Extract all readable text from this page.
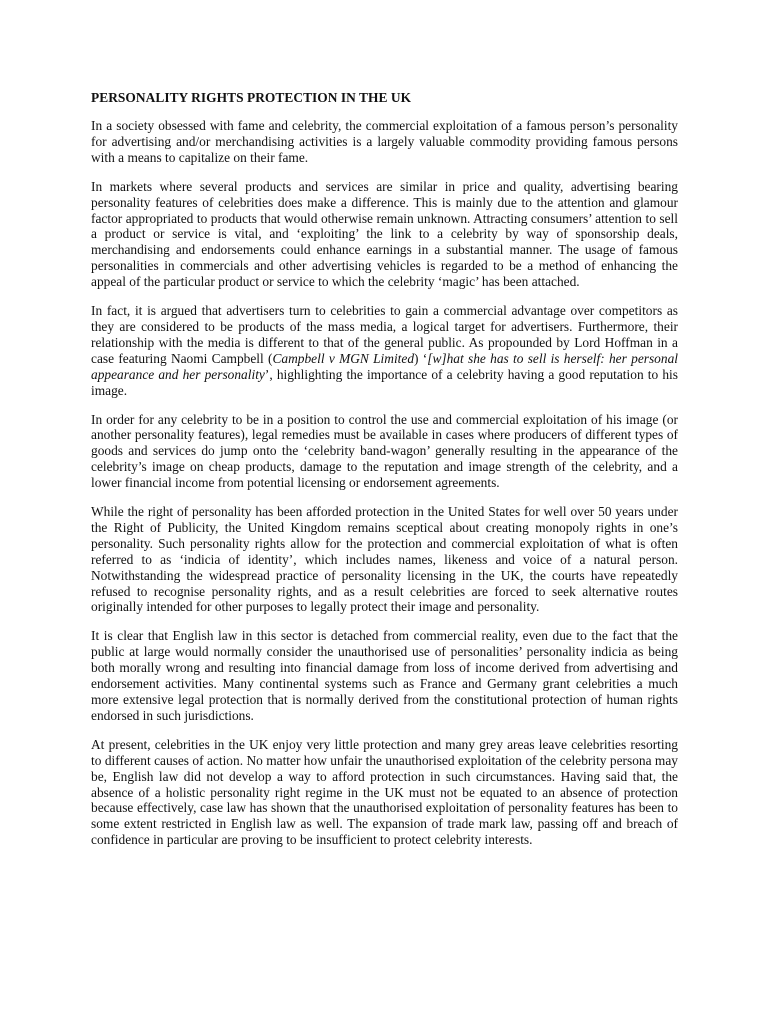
PERSONALITY RIGHTS PROTECTION IN THE UK

In a society obsessed with fame and celebrity, the commercial exploitation of a famous person’s personality for advertising and/or merchandising activities is a largely valuable commodity providing famous persons with a means to capitalize on their fame.

In markets where several products and services are similar in price and quality, advertising bearing personality features of celebrities does make a difference. This is mainly due to the attention and glamour factor appropriated to products that would otherwise remain unknown. Attracting consumers’ attention to sell a product or service is vital, and ‘exploiting’ the link to a celebrity by way of sponsorship deals, merchandising and endorsements could enhance earnings in a substantial manner. The usage of famous personalities in commercials and other advertising vehicles is regarded to be a method of enhancing the appeal of the particular product or service to which the celebrity ‘magic’ has been attached.

In fact, it is argued that advertisers turn to celebrities to gain a commercial advantage over competitors as they are considered to be products of the mass media, a logical target for advertisers. Furthermore, their relationship with the media is different to that of the general public. As propounded by Lord Hoffman in a case featuring Naomi Campbell (Campbell v MGN Limited) ‘[w]hat she has to sell is herself: her personal appearance and her personality’, highlighting the importance of a celebrity having a good reputation to his image.

In order for any celebrity to be in a position to control the use and commercial exploitation of his image (or another personality features), legal remedies must be available in cases where producers of different types of goods and services do jump onto the ‘celebrity band-wagon’ generally resulting in the appearance of the celebrity’s image on cheap products, damage to the reputation and image strength of the celebrity, and a lower financial income from potential licensing or endorsement agreements.

While the right of personality has been afforded protection in the United States for well over 50 years under the Right of Publicity, the United Kingdom remains sceptical about creating monopoly rights in one’s personality. Such personality rights allow for the protection and commercial exploitation of what is often referred to as ‘indicia of identity’, which includes names, likeness and voice of a natural person. Notwithstanding the widespread practice of personality licensing in the UK, the courts have repeatedly refused to recognise personality rights, and as a result celebrities are forced to seek alternative routes originally intended for other purposes to legally protect their image and personality.

It is clear that English law in this sector is detached from commercial reality, even due to the fact that the public at large would normally consider the unauthorised use of personalities’ personality indicia as being both morally wrong and resulting into financial damage from loss of income derived from advertising and endorsement activities. Many continental systems such as France and Germany grant celebrities a much more extensive legal protection that is normally derived from the constitutional protection of human rights endorsed in such jurisdictions.

At present, celebrities in the UK enjoy very little protection and many grey areas leave celebrities resorting to different causes of action. No matter how unfair the unauthorised exploitation of the celebrity persona may be, English law did not develop a way to afford protection in such circumstances. Having said that, the absence of a holistic personality right regime in the UK must not be equated to an absence of protection because effectively, case law has shown that the unauthorised exploitation of personality features has been to some extent restricted in English law as well. The expansion of trade mark law, passing off and breach of confidence in particular are proving to be insufficient to protect celebrity interests.
